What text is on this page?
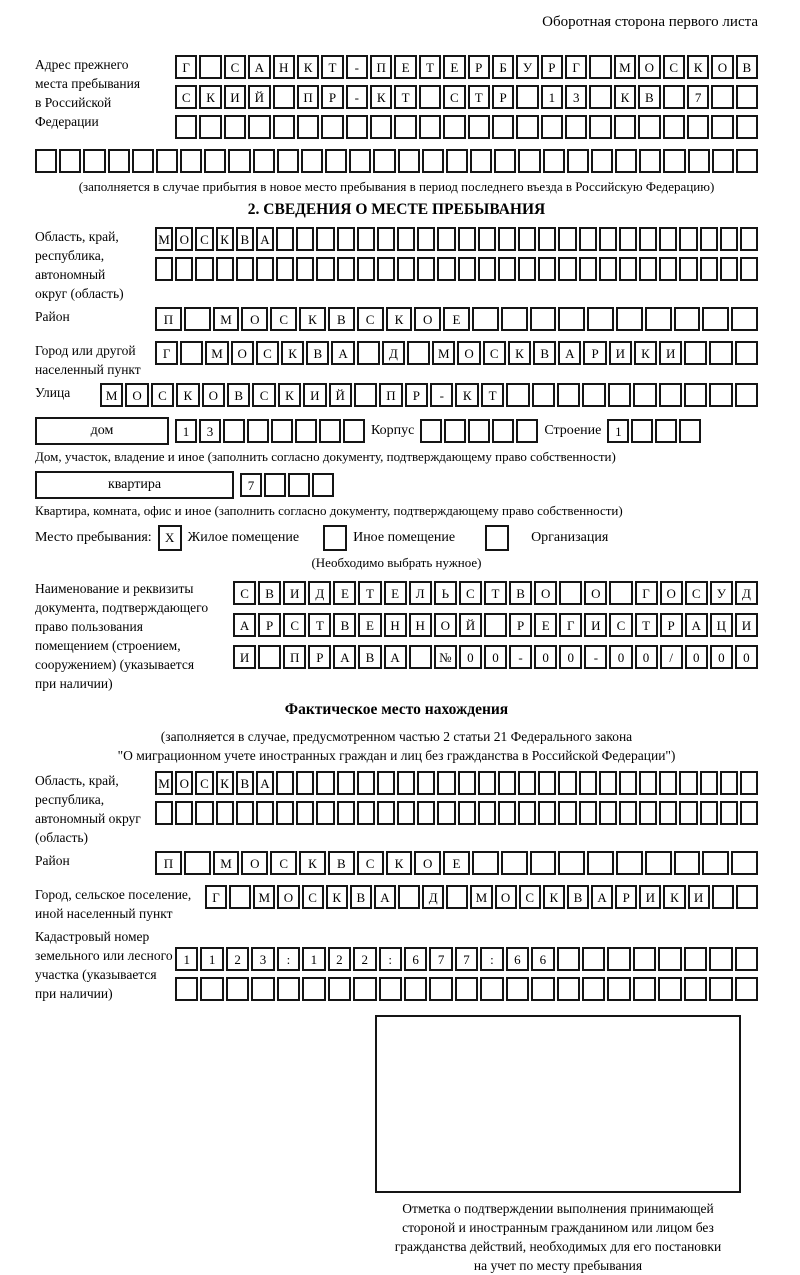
Оборотная сторона первого листа
Адрес прежнего
места пребывания
в Российской
Федерации
Г	С	А	Н	К	Т	-	П	Е	Т	Е	Р	Б	У	Р	Г	М	О	С	К	О	В
С	К	И	Й	П	Р	-	К	Т	С	Т	Р	1	3	К	В	7
(заполняется в случае прибытия в новое место пребывания в период последнего въезда в Российскую Федерацию)
2. СВЕДЕНИЯ О МЕСТЕ ПРЕБЫВАНИЯ
Область, край,
республика,
автономный
округ (область)
М О С К В А
Район	П	М	О	С	К	В	С	К	О	Е
Город или другой
населенный пункт
Г	М	О	С	К	В	А	Д	М	О	С	К	В	А	Р	И	К	И
Улица	М	О	С	К	О	В	С	К	И	Й	П	Р	-	К	Т
дом	1	3	Корпус	Строение	1
Дом, участок, владение и иное (заполнить согласно документу, подтверждающему право собственности)
квартира	7
Квартира, комната, офис и иное (заполнить согласно документу, подтверждающему право собственности)
Место пребывания:	X Жилое помещение	Иное помещение	Организация
(Необходимо выбрать нужное)
Наименование и реквизиты
документа, подтверждающего
право пользования
помещением (строением,
сооружением) (указывается
при наличии)
С	В	И	Д	Е	Т	Е	Л	Ь	С	Т	В	О	О	Г	О	С	У	Д
А	Р	С	Т	В	Е	Н	Н	О	Й	Р	Е	Г	И	С	Т	Р	А	Ц	И
И	П	Р	А	В	А	№	0	0	-	0	0	-	0	0	/	0	0	0
Фактическое место нахождения
(заполняется в случае, предусмотренном частью 2 статьи 21 Федерального закона
"О миграционном учете иностранных граждан и лиц без гражданства в Российской Федерации")
Область, край,
республика,
автономный округ
(область)
М О С К В А
Район	П	М	О	С	К	В	С	К	О	Е
Город, сельское поселение,
иной населенный пункт
Г	М	О	С	К	В	А	Д	М	О	С	К	В	А	Р	И	К	И
Кадастровый номер
земельного или лесного
участка (указывается
при наличии)
1	1	2	3	:	1	2	2	:	6	7	7	:	6	6
Отметка о подтверждении выполнения принимающей
стороной и иностранным гражданином или лицом без
гражданства действий, необходимых для его постановки
на учет по месту пребывания
